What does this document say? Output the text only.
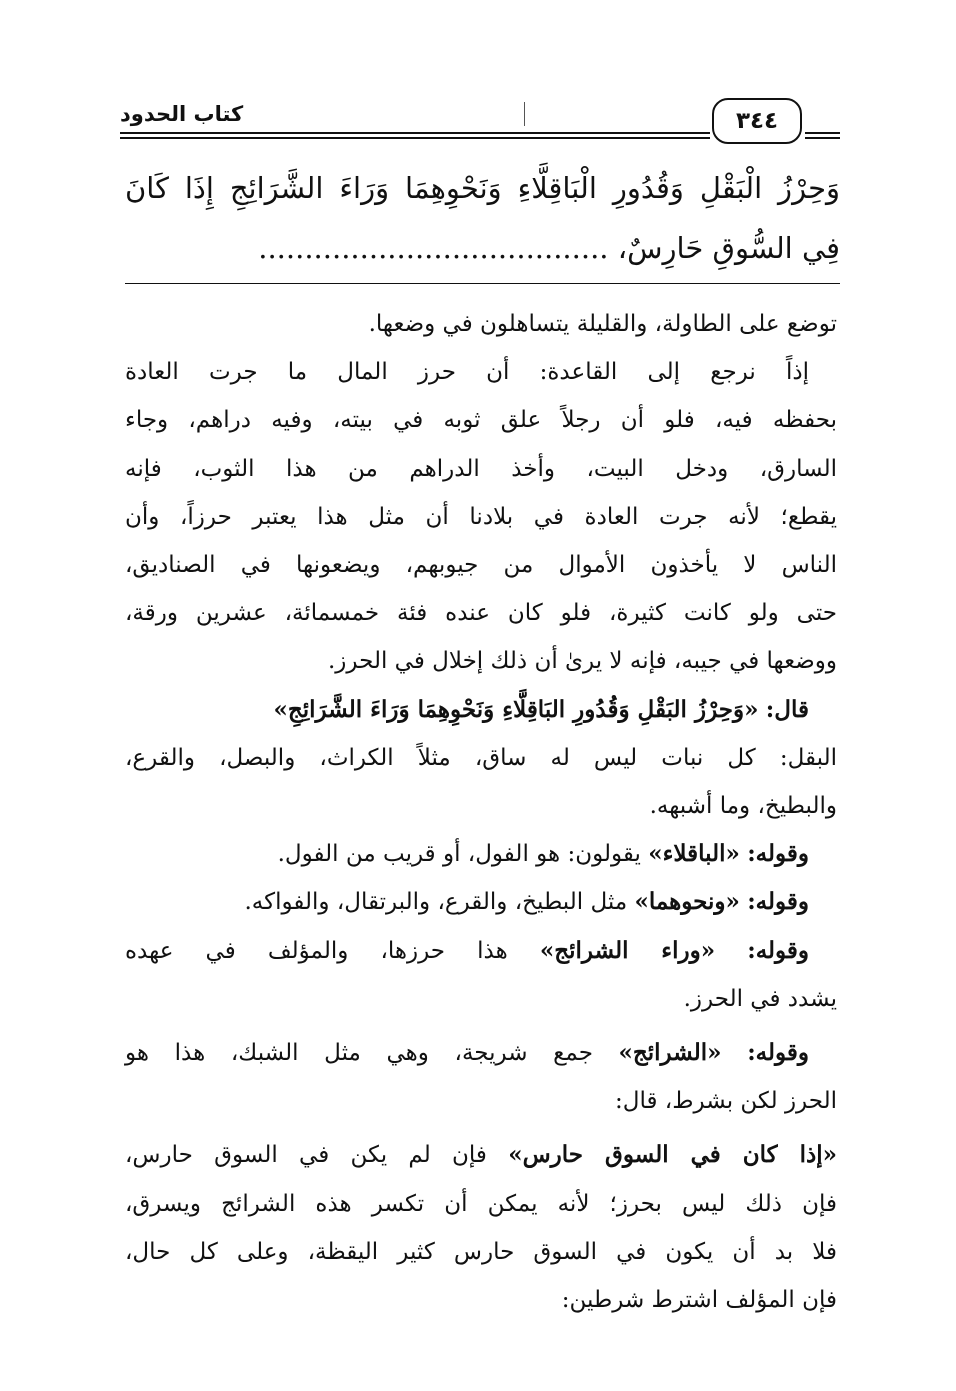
كتاب الحدود	٣٤٤
وَحِرْزُ الْبَقْلِ وَقُدُورِ الْبَاقِلَّاءِ وَنَحْوِهِمَا وَرَاءَ الشَّرَائِجِ إِذَا كَانَ
فِي السُّوقِ حَارِسٌ، ......................................
توضع على الطاولة، والقليلة يتساهلون في وضعها.
إذاً نرجع إلى القاعدة: أن حرز المال ما جرت العادة
بحفظه فيه، فلو أن رجلاً علق ثوبه في بيته، وفيه دراهم، وجاء
السارق، ودخل البيت، وأخذ الدراهم من هذا الثوب، فإنه
يقطع؛ لأنه جرت العادة في بلادنا أن مثل هذا يعتبر حرزاً، وأن
الناس لا يأخذون الأموال من جيوبهم، ويضعونها في الصناديق،
حتى ولو كانت كثيرة، فلو كان عنده فئة خمسمائة، عشرين ورقة،
ووضعها في جيبه، فإنه لا يرىٰ أن ذلك إخلال في الحرز.
قال: «وَحِرْزُ البَقْلِ وَقُدُورِ البَاقِلَّاءِ وَنَحْوِهِمَا وَرَاءَ الشَّرَائِجِ»
البقل: كل نبات ليس له ساق، مثلاً الكراث، والبصل، والقرع،
والبطيخ، وما أشبهه.
وقوله: «الباقلاء» يقولون: هو الفول، أو قريب من الفول.
وقوله: «ونحوهما» مثل البطيخ، والقرع، والبرتقال، والفواكه.
وقوله: «وراء الشرائج» هذا حرزها، والمؤلف في عهده
يشدد في الحرز.
وقوله: «الشرائج» جمع شريجة، وهي مثل الشبك، هذا هو
الحرز لكن بشرط، قال:
«إذا كان في السوق حارس» فإن لم يكن في السوق حارس،
فإن ذلك ليس بحرز؛ لأنه يمكن أن تكسر هذه الشرائج ويسرق،
فلا بد أن يكون في السوق حارس كثير اليقظة، وعلى كل حال،
فإن المؤلف اشترط شرطين:
